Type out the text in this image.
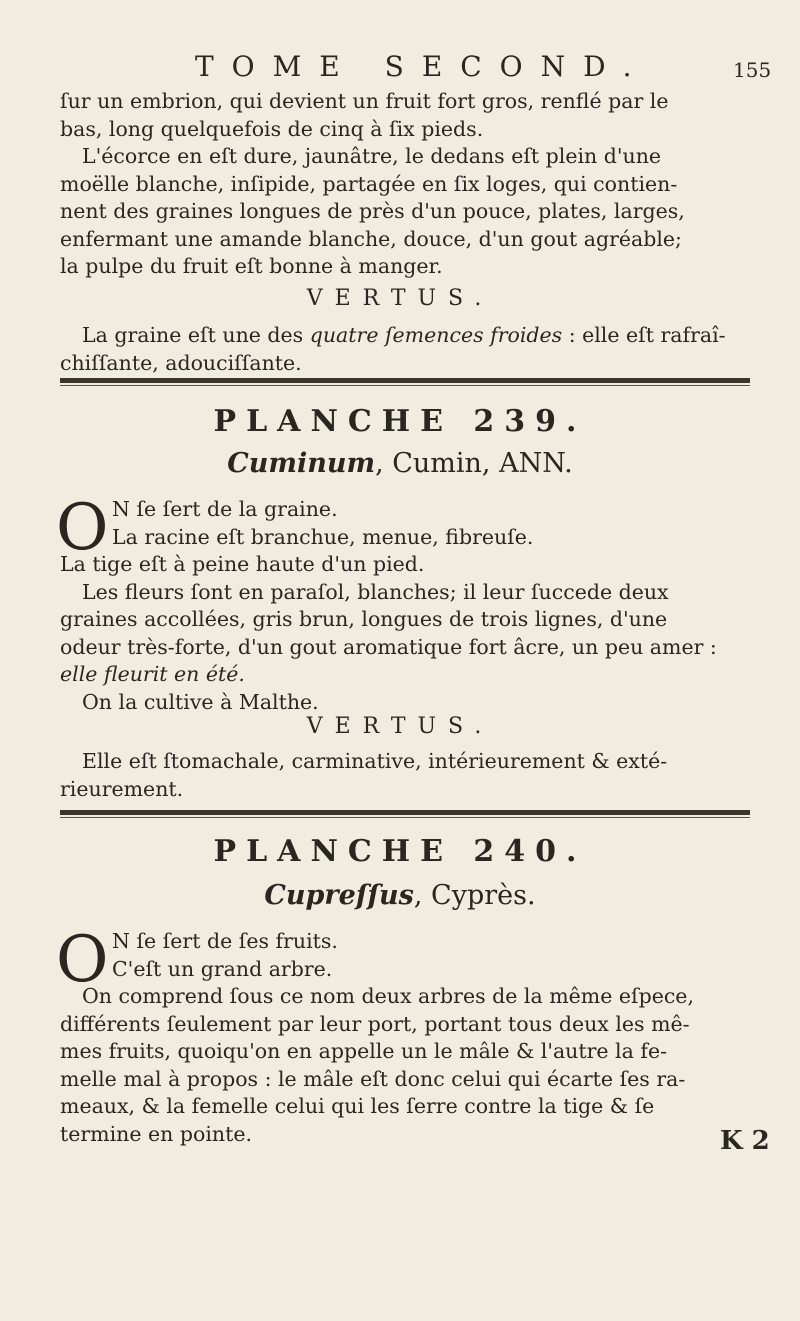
TOME SECOND.	155
ſur un embrion, qui devient un fruit fort gros, renflé par le
bas, long quelquefois de cinq à ſix pieds.
L'écorce en eſt dure, jaunâtre, le dedans eſt plein d'une
moëlle blanche, inſipide, partagée en ſix loges, qui contien-
nent des graines longues de près d'un pouce, plates, larges,
enfermant une amande blanche, douce, d'un gout agréable;
la pulpe du fruit eſt bonne à manger.
VERTUS.
La graine eſt une des quatre ſemences froides : elle eſt rafraî-
chiſſante, adouciſſante.
PLANCHE 239.
Cuminum, Cumin, ANN.
O N ſe ſert de la graine.
La racine eſt branchue, menue, fibreuſe.
La tige eſt à peine haute d'un pied.
Les fleurs ſont en paraſol, blanches; il leur ſuccede deux
graines accollées, gris brun, longues de trois lignes, d'une
odeur très-forte, d'un gout aromatique fort âcre, un peu amer :
elle fleurit en été.
On la cultive à Malthe.
VERTUS.
Elle eſt ſtomachale, carminative, intérieurement & exté-
rieurement.
PLANCHE 240.
Cupreſſus, Cyprès.
O N ſe ſert de ſes fruits.
C'eſt un grand arbre.
On comprend ſous ce nom deux arbres de la même eſpece,
différents ſeulement par leur port, portant tous deux les mê-
mes fruits, quoiqu'on en appelle un le mâle & l'autre la fe-
melle mal à propos : le mâle eſt donc celui qui écarte ſes ra-
meaux, & la femelle celui qui les ſerre contre la tige & ſe
termine en pointe.	K 2
